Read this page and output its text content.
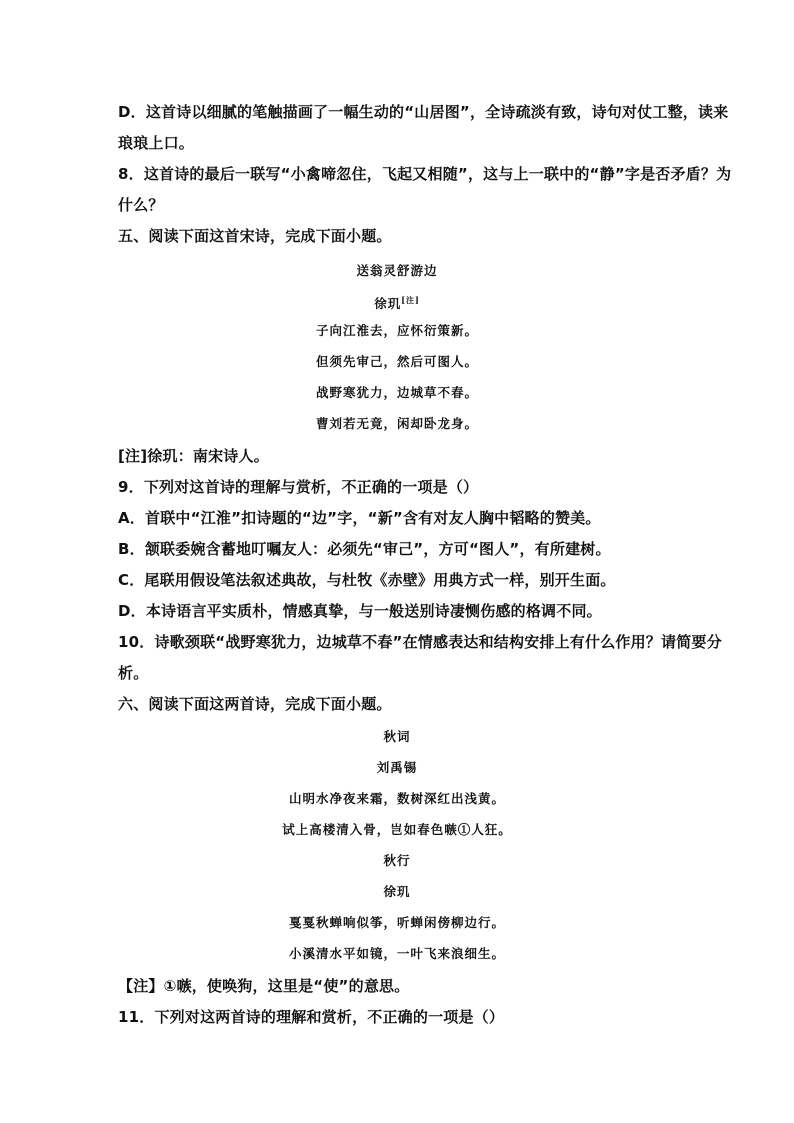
D．这首诗以细腻的笔触描画了一幅生动的“山居图”，全诗疏淡有致，诗句对仗工整，读来
琅琅上口。
8．这首诗的最后一联写“小禽啼忽住，飞起又相随”，这与上一联中的“静”字是否矛盾？为
什么？
五、阅读下面这首宋诗，完成下面小题。
送翁灵舒游边
徐玑[注]
子向江淮去，应怀衍策新。
但须先审己，然后可图人。
战野寒犹力，边城草不春。
曹刘若无竟，闲却卧龙身。
[注]徐玑：南宋诗人。
9．下列对这首诗的理解与赏析，不正确的一项是（）
A．首联中“江淮”扣诗题的“边”字，“新”含有对友人胸中韬略的赞美。
B．颔联委婉含蓄地叮嘱友人：必须先“审己”，方可“图人”，有所建树。
C．尾联用假设笔法叙述典故，与杜牧《赤壁》用典方式一样，别开生面。
D．本诗语言平实质朴，情感真挚，与一般送别诗凄恻伤感的格调不同。
10．诗歌颈联“战野寒犹力，边城草不春”在情感表达和结构安排上有什么作用？请简要分
析。
六、阅读下面这两首诗，完成下面小题。
秋词
刘禹锡
山明水净夜来霜，数树深红出浅黄。
试上高楼清入骨，岂如春色嗾①人狂。
秋行
徐玑
戛戛秋蝉响似筝，听蝉闲傍柳边行。
小溪清水平如镜，一叶飞来浪细生。
【注】①嗾，使唤狗，这里是“使”的意思。
11．下列对这两首诗的理解和赏析，不正确的一项是（）
